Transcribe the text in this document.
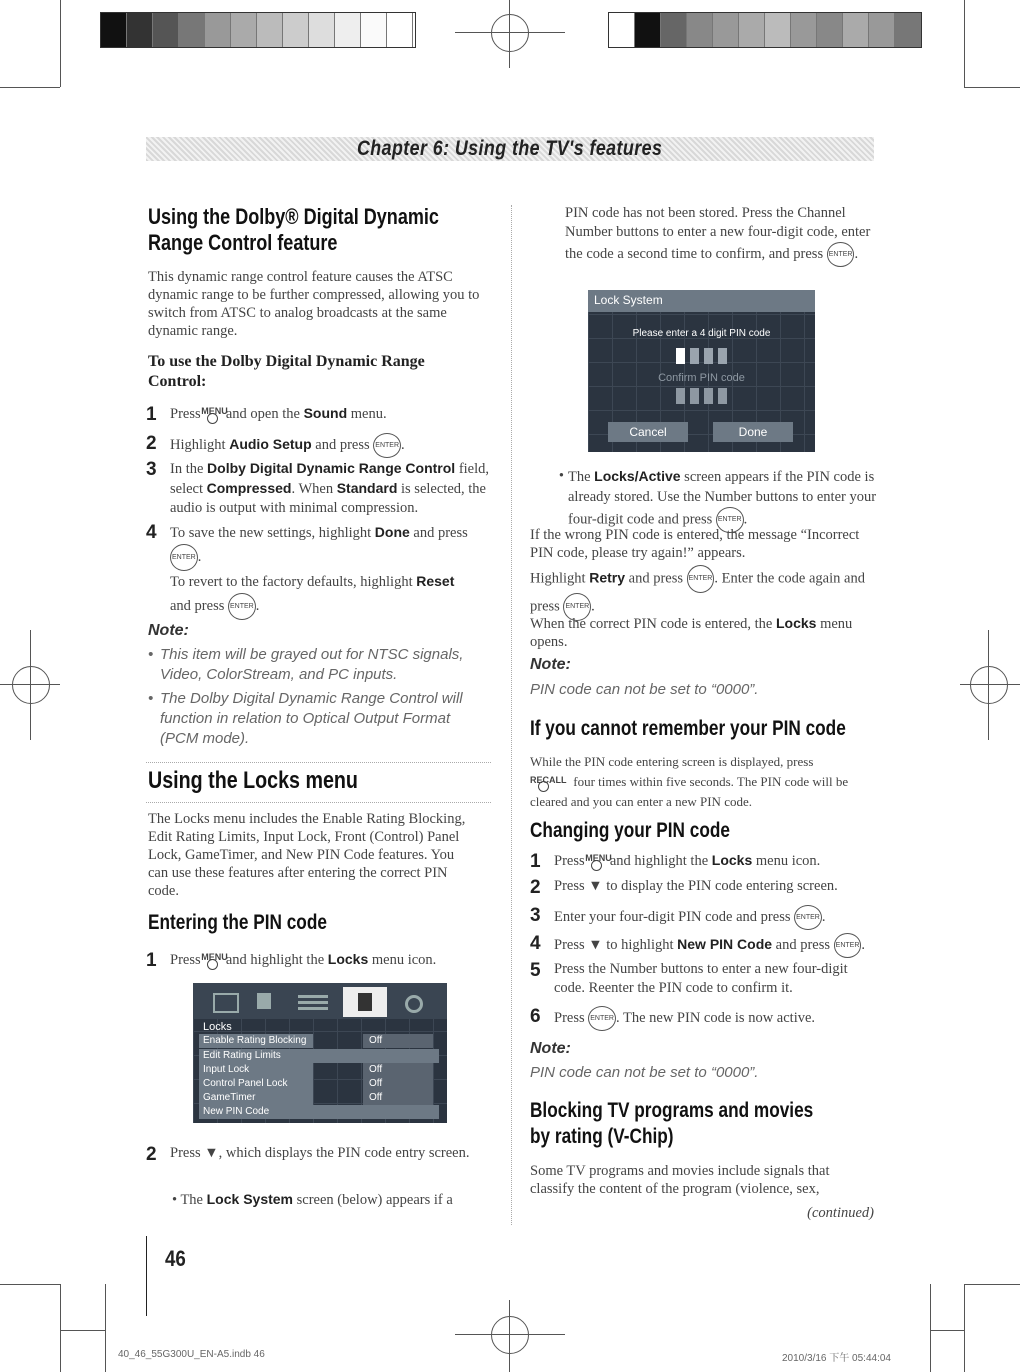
Chapter 6: Using the TV's features
Using the Dolby® Digital Dynamic
Range Control feature

This dynamic range control feature causes the ATSC dynamic range to be further compressed, allowing you to switch from ATSC to analog broadcasts at the same dynamic range.

To use the Dolby Digital Dynamic Range
Control:
1 Press MENU
and open the Sound menu.
2 Highlight Audio Setup and press ENTER .
3 In the Dolby Digital Dynamic Range Control field, select Compressed. When Standard is selected, the audio is output with minimal compression.
4 To save the new settings, highlight Done and press ENTER .
To revert to the factory defaults, highlight Reset
and press ENTER .
Note:
• This item will be grayed out for NTSC signals, Video, ColorStream, and PC inputs.
• The Dolby Digital Dynamic Range Control will function in relation to Optical Output Format (PCM mode).
Using the Locks menu

The Locks menu includes the Enable Rating Blocking, Edit Rating Limits, Input Lock, Front (Control) Panel Lock, GameTimer, and New PIN Code features. You can use these features after entering the correct PIN code.

Entering the PIN code
1 Press MENU
and highlight the Locks menu icon.
Locks
Enable Rating Blocking	Off
Edit Rating Limits
Input Lock	Off
Control Panel Lock	Off
GameTimer	Off
New PIN Code
2 Press ▼, which displays the PIN code entry screen.
• The Lock System screen (below) appears if a

PIN code has not been stored. Press the Channel Number buttons to enter a new four-digit code, enter the code a second time to confirm, and press ENTER .

Lock System
Please enter a 4 digit PIN code
Confirm PIN code
Cancel	Done
• The Locks/Active screen appears if the PIN code is already stored. Use the Number buttons to enter your four-digit code and press ENTER .

If the wrong PIN code is entered, the message “Incorrect PIN code, please try again!” appears.

Highlight Retry and press ENTER . Enter the code again and press ENTER .

When the correct PIN code is entered, the Locks menu opens.

Note:
PIN code can not be set to “0000”.
If you cannot remember your PIN code

While the PIN code entering screen is displayed, press

RECALL four times within five seconds. The PIN code will be cleared and you can enter a new PIN code.

Changing your PIN code
1 Press MENU
and highlight the Locks menu icon.
2 Press ▼ to display the PIN code entering screen.
3 Enter your four-digit PIN code and press ENTER .
4 Press ▼ to highlight New PIN Code and press ENTER .
5 Press the Number buttons to enter a new four-digit code. Reenter the PIN code to confirm it.
6 Press ENTER . The new PIN code is now active.
Note:
PIN code can not be set to “0000”.
Blocking TV programs and movies
by rating (V-Chip)

Some TV programs and movies include signals that classify the content of the program (violence, sex,

(continued)
46
40_46_55G300U_EN-A5.indb 46	2010/3/16 下午 05:44:04
